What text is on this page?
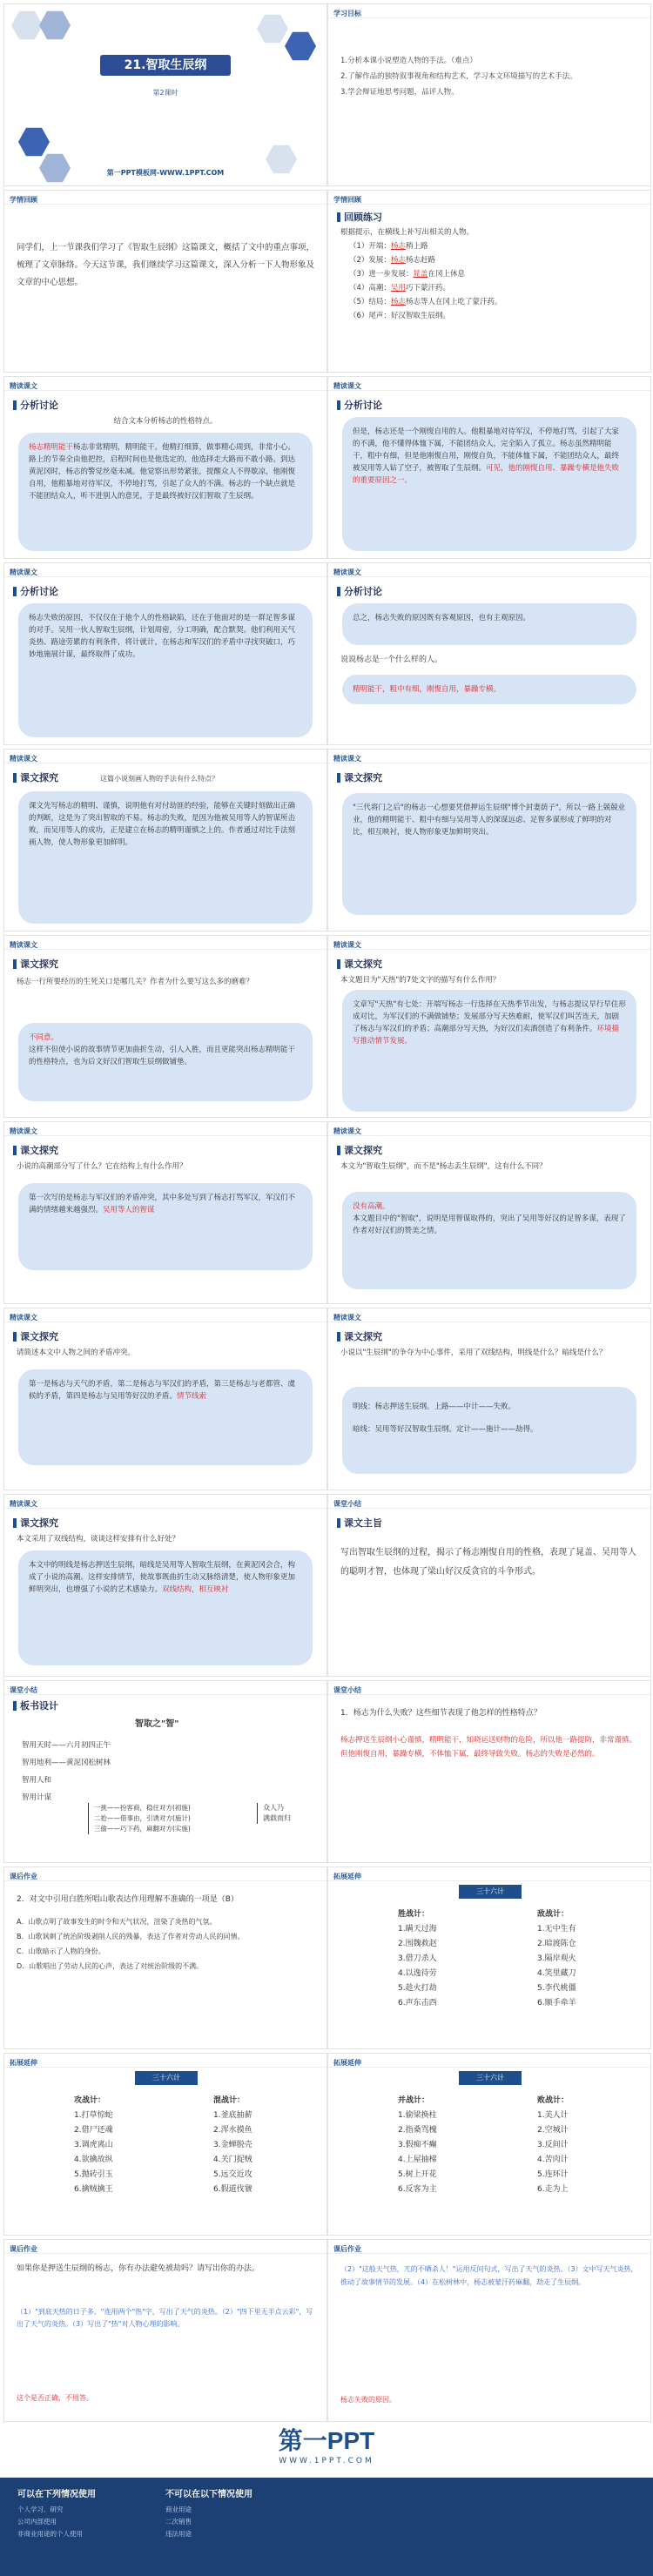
21.智取生辰纲
第2课时
第一PPT模板网-WWW.1PPT.COM
学习目标
1.分析本课小说塑造人物的手法。（难点）
2.了解作品的独特叙事视角和结构艺术，学习本文环境描写的艺术手法。
3.学会辩证地思考问题，品评人物。
学情回顾
同学们，上一节课我们学习了《智取生辰纲》这篇课文，概括了文中的重点事项，梳理了文章脉络。今天这节课，我们继续学习这篇课文，深入分析一下人物形象及文章的中心思想。
学情回顾
回顾练习
根据提示，在横线上补写出相关的人物。
（1）开端：杨志稍上路
（2）发展：杨志杨志赶路
（3）进一步发展：晁盖在冈上休息
（4）高潮：吴用巧下蒙汗药。
（5）结局：杨志杨志等人在冈上吃了蒙汗药。
（6）尾声：好汉智取生辰纲。
精读课文
分析讨论
结合文本分析杨志的性格特点。
杨志精明能干杨志非常精明，精明能干。他精打细算，做事精心周到，非常小心。路上的节奏全由他把控，启程时间也是他选定的，他选择走大路而不敢小路。到达黄泥冈时，杨志的警觉丝毫未减。他觉察出形势紧张，提醒众人不得歇凉，他刚愎自用，他粗暴地对待军汉，不停地打骂，引起了众人的不满。杨志的一个缺点就是不能团结众人，听不进别人的意见，于是最终被好汉们智取了生辰纲。
精读课文
分析讨论
但是，杨志还是一个刚愎自用的人。他粗暴地对待军汉，不停地打骂，引起了大家的不满，他不懂得体恤下属，不能团结众人，完全陷入了孤立。杨志虽然精明能干，粗中有细，但是他刚愎自用，刚愎自负，不能体恤下属，不能团结众人，最终被吴用等人钻了空子，被智取了生辰纲。可见，他的刚愎自用、暴躁专横是他失败的重要原因之一。
精读课文
分析讨论
杨志失败的原因，不仅仅在于他个人的性格缺陷，还在于他面对的是一群足智多谋的对手。吴用一伙人智取生辰纲，计划周密，分工明确，配合默契。他们利用天气炎热、路途劳累的有利条件，将计就计，在杨志和军汉们的矛盾中寻找突破口，巧妙地施展计谋，最终取得了成功。
精读课文
分析讨论
总之，杨志失败的原因既有客观原因，也有主观原因。
说说杨志是一个什么样的人。
精明能干，粗中有细，刚愎自用，暴躁专横。
精读课文
课文探究	这篇小说刻画人物的手法有什么特点？
课文先写杨志的精明、谨慎，说明他有对付劫匪的经验，能够在关键时刻做出正确的判断，这是为了突出智取的不易。杨志的失败，是因为他被吴用等人的智谋所击败，而吴用等人的成功，正是建立在杨志的精明谨慎之上的。作者通过对比手法刻画人物，使人物形象更加鲜明。
精读课文
课文探究
"三代将门之后"的杨志一心想要凭借押运生辰纲"博个封妻荫子"，所以一路上兢兢业业，他的精明能干、粗中有细与吴用等人的深谋远虑、足智多谋形成了鲜明的对比，相互映衬，使人物形象更加鲜明突出。
精读课文
课文探究
杨志一行所要经历的生死关口是哪几关？作者为什么要写这么多的磨难？
不同意。
这样不但使小说的故事情节更加曲折生动，引人入胜，而且更能突出杨志精明能干的性格特点，也为后文好汉们智取生辰纲做铺垫。
精读课文
课文探究
本文题目为"天热"的7处文字的描写有什么作用？
文章写"天热"有七处：开端写杨志一行选择在天热季节出发，与杨志提议早行早住形成对比，为军汉们的不满做铺垫；发展部分写天热难耐，使军汉们叫苦连天，加剧了杨志与军汉们的矛盾；高潮部分写天热，为好汉们卖酒创造了有利条件。环境描写推动情节发展。
精读课文
课文探究
小说的高潮部分写了什么？它在结构上有什么作用？
第一次写的是杨志与军汉们的矛盾冲突，其中多处写到了杨志打骂军汉，军汉们不满的情绪越来越强烈。吴用等人的智谋
精读课文
课文探究
本文为"智取生辰纲"，而不是"杨志丢生辰纲"，这有什么不同？
没有高潮。
本文题目中的"智取"，说明是用智谋取得的，突出了吴用等好汉的足智多谋，表现了作者对好汉们的赞美之情。
精读课文
课文探究
请简述本文中人物之间的矛盾冲突。
第一是杨志与天气的矛盾，第二是杨志与军汉们的矛盾，第三是杨志与老都管、虞候的矛盾，第四是杨志与吴用等好汉的矛盾。情节线索
精读课文
课文探究
小说以"生辰纲"的争夺为中心事件，采用了双线结构，明线是什么？暗线是什么？
明线：杨志押送生辰纲。上路——中计——失败。
暗线：吴用等好汉智取生辰纲。定计——施计——劫得。
精读课文
课文探究
本文采用了双线结构，谈谈这样安排有什么好处？
本文中的明线是杨志押送生辰纲，暗线是吴用等人智取生辰纲，在黄泥冈会合，构成了小说的高潮。这样安排情节，使故事既曲折生动又脉络清楚，使人物形象更加鲜明突出，也增强了小说的艺术感染力。双线结构，相互映衬
课堂小结
课文主旨
写出智取生辰纲的过程，揭示了杨志刚愎自用的性格，表现了晁盖、吴用等人的聪明才智，也体现了梁山好汉反贪官的斗争形式。
课堂小结
板书设计
智取之"智"
智用天时——六月初四正午
智用地利——黄泥冈松树林
智用人和
智用计谋
一挑——扮客商，稳住对方(初施)
二抢——借事由，引诱对方(施计)
三偷——巧下药，麻翻对方(实施)
众人乃
满载而归
课堂小结
1．杨志为什么失败？这些细节表现了他怎样的性格特点？
杨志押送生辰纲小心谨慎，精明能干，知晓运送财物的危险，所以他一路提防，非常谨慎。但他刚愎自用，暴躁专横，不体恤下属，最终导致失败。杨志的失败是必然的。
课后作业
2．对文中引用白胜所唱山歌表达作用理解不准确的一项是（B）
A．山歌点明了故事发生的时令和天气状况，渲染了炎热的气氛。
B．山歌讽刺了统治阶级剥削人民的残暴，表达了作者对劳动人民的同情。
C．山歌暗示了人物的身份。
D．山歌唱出了劳动人民的心声，表达了对统治阶级的不满。
拓展延伸
三十六计
胜战计：
1.瞒天过海
2.围魏救赵
3.借刀杀人
4.以逸待劳
5.趁火打劫
6.声东击西
敌战计：
1.无中生有
2.暗渡陈仓
3.隔岸观火
4.笑里藏刀
5.李代桃僵
6.顺手牵羊
拓展延伸
三十六计
攻战计：
1.打草惊蛇
2.借尸还魂
3.调虎离山
4.欲擒故纵
5.抛砖引玉
6.擒贼擒王
混战计：
1.釜底抽薪
2.浑水摸鱼
3.金蝉脱壳
4.关门捉贼
5.远交近攻
6.假道伐虢
拓展延伸
三十六计
并战计：
1.偷梁换柱
2.指桑骂槐
3.假痴不癫
4.上屋抽梯
5.树上开花
6.反客为主
败战计：
1.美人计
2.空城计
3.反间计
4.苦肉计
5.连环计
6.走为上
课后作业
如果你是押送生辰纲的杨志，你有办法避免被劫吗？请写出你的办法。
（1）"到底天热的日子多。"连用两个"热"字，写出了天气的炎热。（2）"四下里无半点云彩"，写出了天气的炎热。（3）写出了"热"对人物心理的影响。
这个是否正确，不用答。
课后作业
（2）"这般天气热，兀的不晒杀人！"运用反问句式，写出了天气的炎热。（3）文中写天气炎热，推动了故事情节的发展。（4）在松树林中，杨志被蒙汗药麻翻，劫走了生辰纲。
杨志失败的原因。
第一PPT
WWW.1PPT.COM
可以在下列情况使用
个人学习、研究
公司内部使用
非商业用途的个人使用
不可以在以下情况使用
商业用途
二次销售
违法用途
